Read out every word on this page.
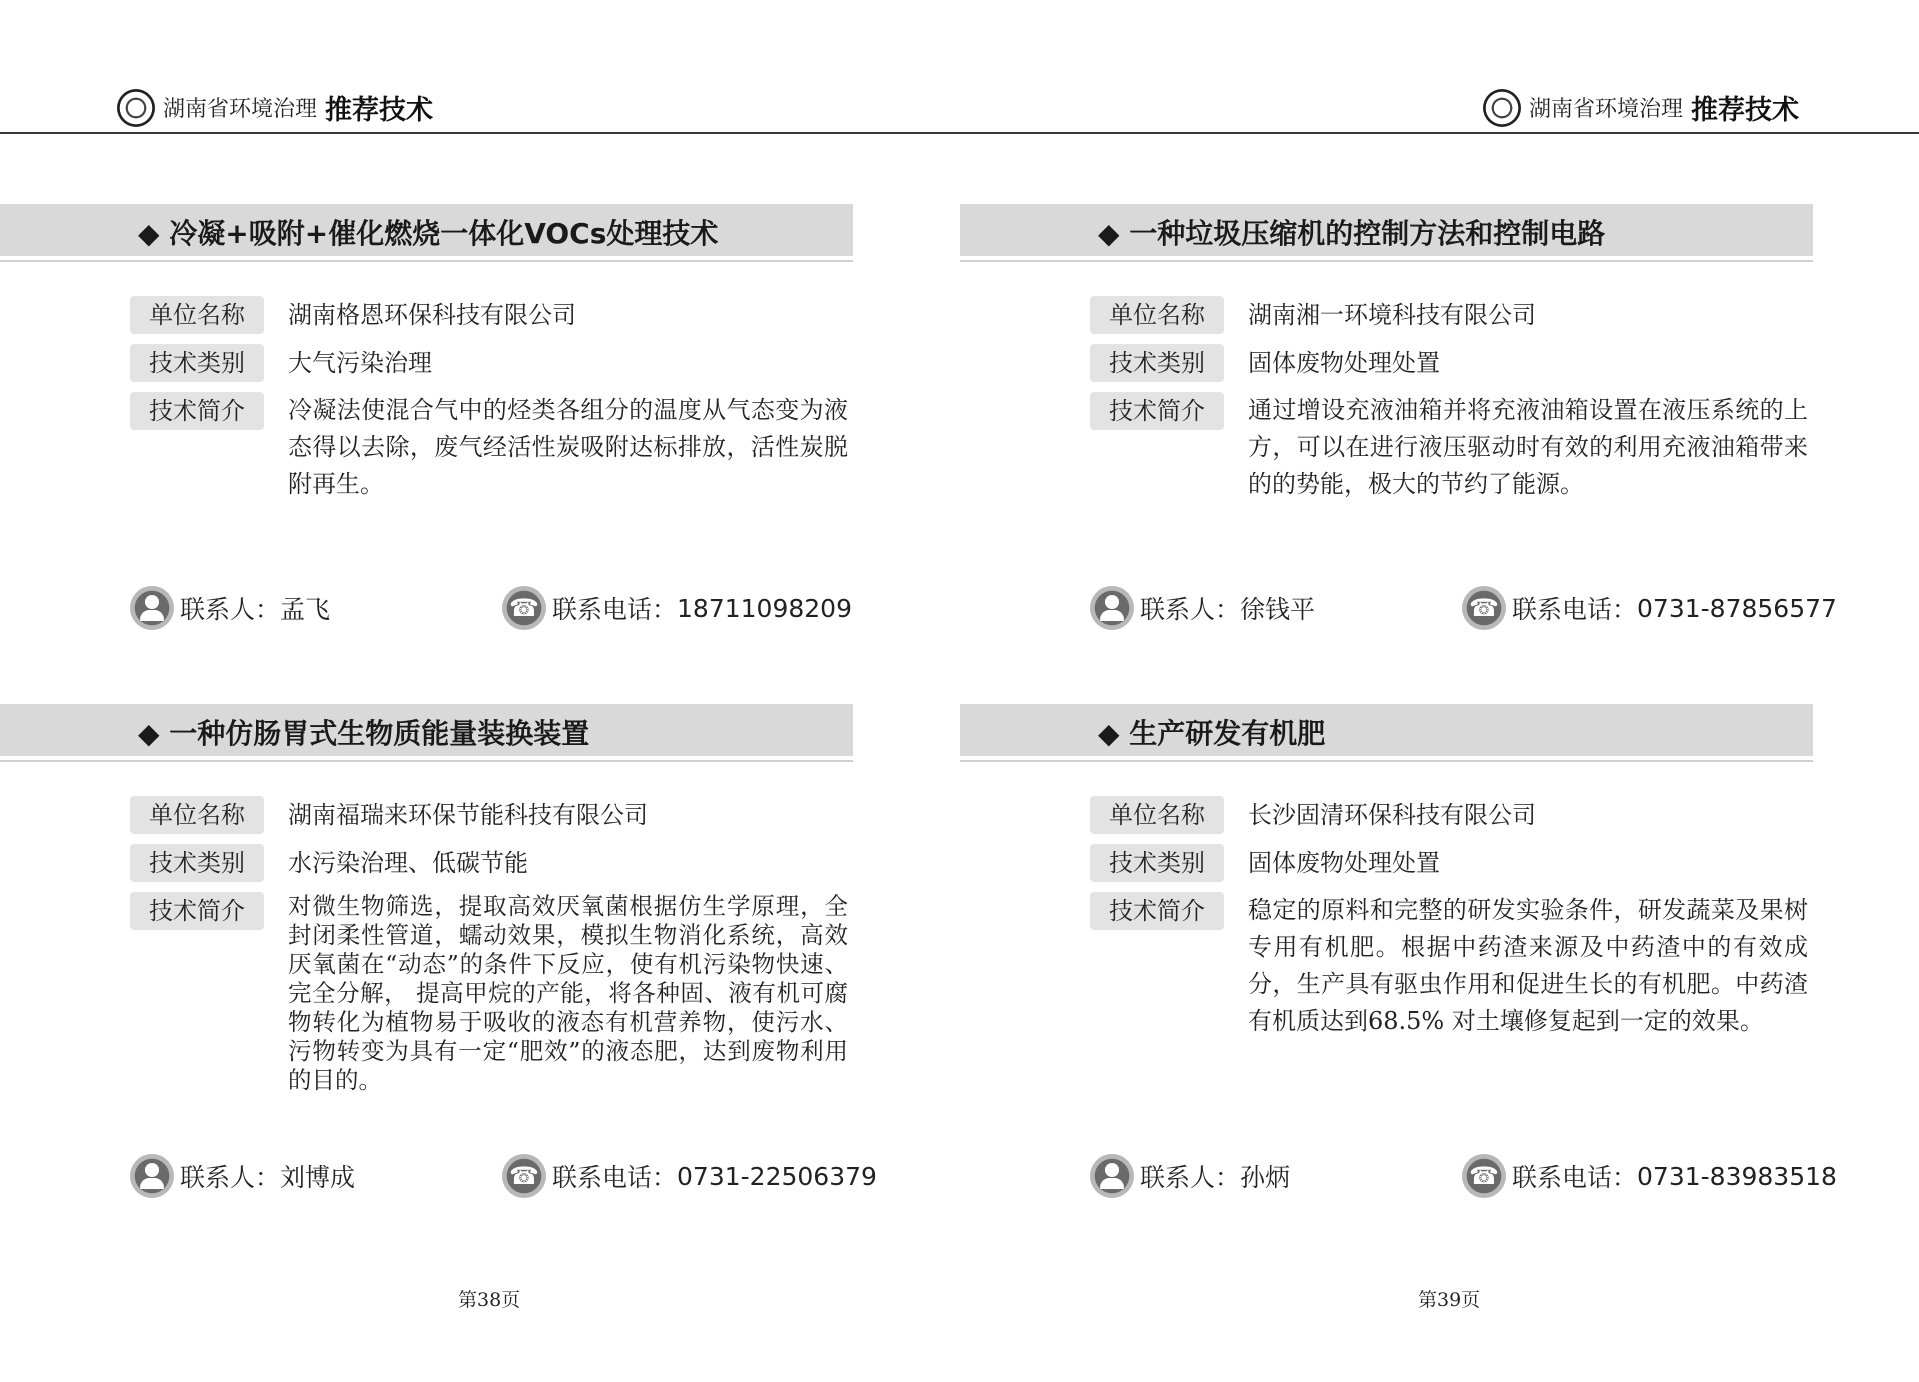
湖南省环境治理 推荐技术	湖南省环境治理 推荐技术
◆ 冷凝+吸附+催化燃烧一体化VOCs处理技术
单位名称	湖南格恩环保科技有限公司
技术类别	大气污染治理
技术简介	冷凝法使混合气中的烃类各组分的温度从气态变为液态得以去除，废气经活性炭吸附达标排放，活性炭脱附再生。
联系人： 孟飞 ☎	联系电话： 18711098209
◆ 一种垃圾压缩机的控制方法和控制电路
单位名称	湖南湘一环境科技有限公司
技术类别	固体废物处理处置
技术简介	通过增设充液油箱并将充液油箱设置在液压系统的上方，可以在进行液压驱动时有效的利用充液油箱带来的的势能，极大的节约了能源。
联系人： 徐钱平 ☎	联系电话： 0731-87856577
◆ 一种仿肠胃式生物质能量装换装置
单位名称	湖南福瑞来环保节能科技有限公司
技术类别	水污染治理、低碳节能
技术简介	对微生物筛选，提取高效厌氧菌根据仿生学原理，全封闭柔性管道，蠕动效果，模拟生物消化系统，高效厌氧菌在“动态”的条件下反应，使有机污染物快速、完全分解， 提高甲烷的产能，将各种固、液有机可腐物转化为植物易于吸收的液态有机营养物，使污水、污物转变为具有一定“肥效”的液态肥，达到废物利用的目的。
联系人： 刘博成 ☎	联系电话： 0731-22506379
◆ 生产研发有机肥
单位名称	长沙固清环保科技有限公司
技术类别	固体废物处理处置
技术简介	稳定的原料和完整的研发实验条件，研发蔬菜及果树专用有机肥。根据中药渣来源及中药渣中的有效成分，生产具有驱虫作用和促进生长的有机肥。中药渣有机质达到68.5% 对土壤修复起到一定的效果。
联系人： 孙炳 ☎	联系电话： 0731-83983518
第38页	第39页
